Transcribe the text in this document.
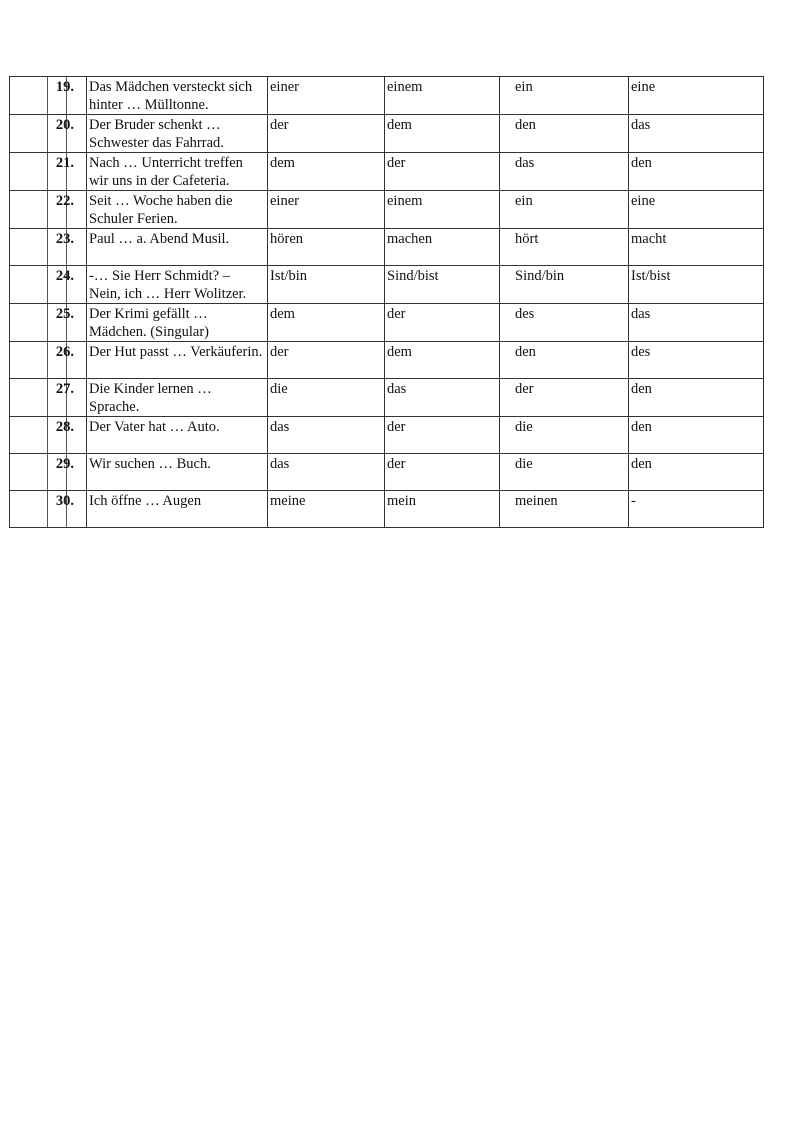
19.	Das Mädchen versteckt sich hinter … Mülltonne.	einer	einem	ein	eine

20.	Der Bruder schenkt … Schwester das Fahrrad.	der	dem	den	das

21.	Nach … Unterricht treffen wir uns in der Cafeteria.	dem	der	das	den

22.	Seit … Woche haben die Schuler Ferien.	einer	einem	ein	eine

23.	Paul … a. Abend Musil.	hören	machen	hört	macht

24.	-… Sie Herr Schmidt? – Nein, ich … Herr Wolitzer.	Ist/bin	Sind/bist	Sind/bin	Ist/bist

25.	Der Krimi gefällt … Mädchen. (Singular)	dem	der	des	das

26.	Der Hut passt … Verkäuferin.	der	dem	den	des

27.	Die Kinder lernen … Sprache.	die	das	der	den

28.	Der Vater hat … Auto.	das	der	die	den

29.	Wir suchen … Buch.	das	der	die	den

30.	Ich öffne … Augen	meine	mein	meinen	-
